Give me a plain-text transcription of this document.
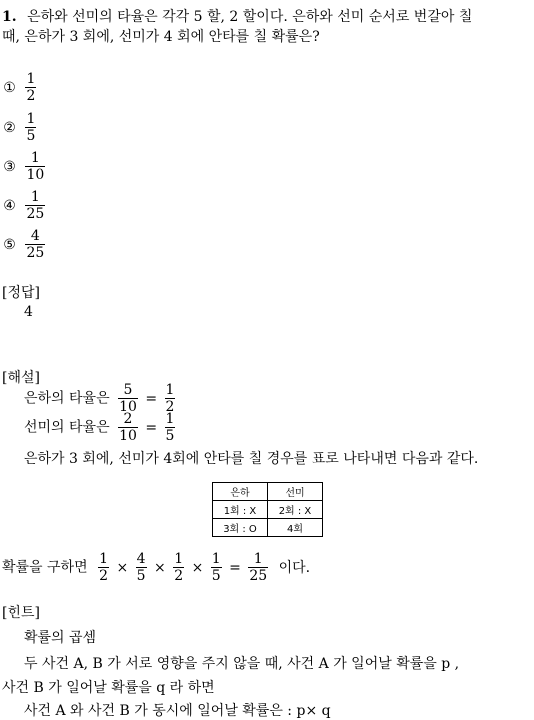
1. 은하와 선미의 타율은 각각 5 할, 2 할이다. 은하와 선미 순서로 번갈아 칠
때, 은하가 3 회에, 선미가 4 회에 안타를 칠 확률은?
① $\frac{1}{2}$
② $\frac{1}{5}$
③ $\frac{1}{10}$
④ $\frac{1}{25}$
⑤ $\frac{4}{25}$
[정답]
4
[해설]
은하의 타율은 $\frac{5}{10} = \frac{1}{2}$
선미의 타율은 $\frac{2}{10} = \frac{1}{5}$
은하가 3 회에, 선미가 4회에 안타를 칠 경우를 표로 나타내면 다음과 같다.
은하	선미
1회 : X	2회 : X
3회 : O	4회
확률을 구하면 $\frac{1}{2} \times \frac{4}{5} \times \frac{1}{2} \times \frac{1}{5} = \frac{1}{25}$ 이다.
[힌트]
확률의 곱셈
두 사건 A, B 가 서로 영향을 주지 않을 때, 사건 A 가 일어날 확률을 p ,
사건 B 가 일어날 확률을 q 라 하면
사건 A 와 사건 B 가 동시에 일어날 확률은 : p× q
